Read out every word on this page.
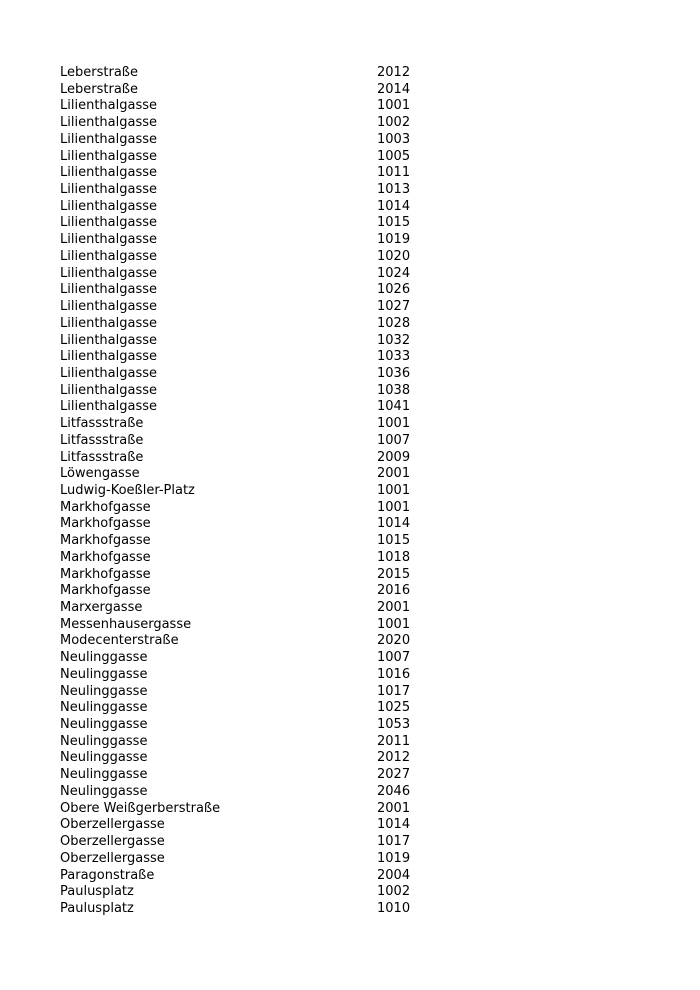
Leberstraße	2012
Leberstraße	2014
Lilienthalgasse	1001
Lilienthalgasse	1002
Lilienthalgasse	1003
Lilienthalgasse	1005
Lilienthalgasse	1011
Lilienthalgasse	1013
Lilienthalgasse	1014
Lilienthalgasse	1015
Lilienthalgasse	1019
Lilienthalgasse	1020
Lilienthalgasse	1024
Lilienthalgasse	1026
Lilienthalgasse	1027
Lilienthalgasse	1028
Lilienthalgasse	1032
Lilienthalgasse	1033
Lilienthalgasse	1036
Lilienthalgasse	1038
Lilienthalgasse	1041
Litfassstraße	1001
Litfassstraße	1007
Litfassstraße	2009
Löwengasse	2001
Ludwig-Koeßler-Platz	1001
Markhofgasse	1001
Markhofgasse	1014
Markhofgasse	1015
Markhofgasse	1018
Markhofgasse	2015
Markhofgasse	2016
Marxergasse	2001
Messenhausergasse	1001
Modecenterstraße	2020
Neulinggasse	1007
Neulinggasse	1016
Neulinggasse	1017
Neulinggasse	1025
Neulinggasse	1053
Neulinggasse	2011
Neulinggasse	2012
Neulinggasse	2027
Neulinggasse	2046
Obere Weißgerberstraße	2001
Oberzellergasse	1014
Oberzellergasse	1017
Oberzellergasse	1019
Paragonstraße	2004
Paulusplatz	1002
Paulusplatz	1010
